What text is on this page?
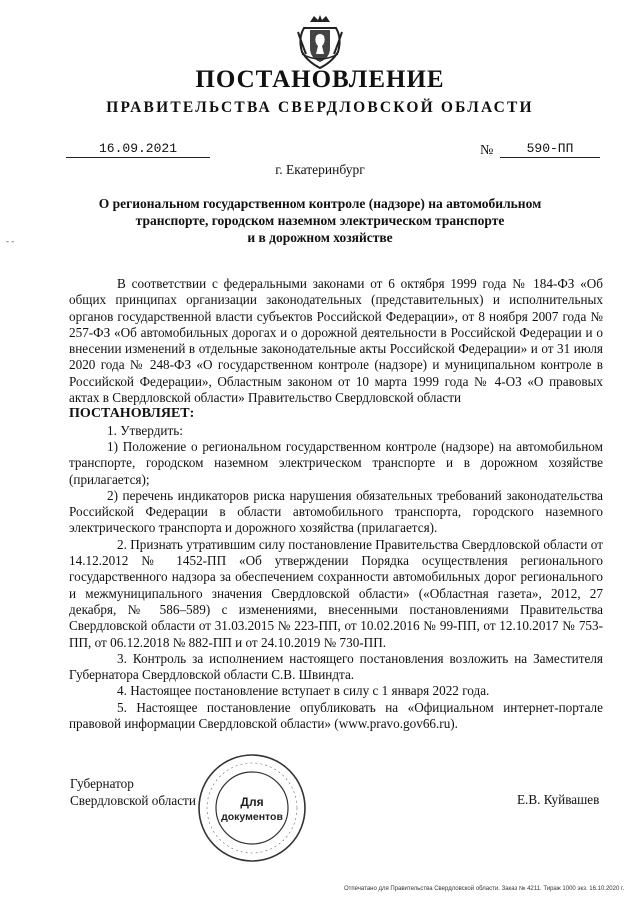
ПОСТАНОВЛЕНИЕ
ПРАВИТЕЛЬСТВА СВЕРДЛОВСКОЙ ОБЛАСТИ
16.09.2021	№	590-ПП
г. Екатеринбург
О региональном государственном контроле (надзоре) на автомобильном
транспорте, городском наземном электрическом транспорте
и в дорожном хозяйстве
- -

В соответствии с федеральными законами от 6 октября 1999 года № 184-ФЗ «Об общих принципах организации законодательных (представительных) и исполнительных органов государственной власти субъектов Российской Федерации», от 8 ноября 2007 года № 257-ФЗ «Об автомобильных дорогах и о дорожной деятельности в Российской Федерации и о внесении изменений в отдельные законодательные акты Российской Федерации» и от 31 июля 2020 года № 248-ФЗ «О государственном контроле (надзоре) и муниципальном контроле в Российской Федерации», Областным законом от 10 марта 1999 года № 4-ОЗ «О правовых актах в Свердловской области» Правительство Свердловской области

ПОСТАНОВЛЯЕТ:

1. Утвердить:

1) Положение о региональном государственном контроле (надзоре) на автомобильном транспорте, городском наземном электрическом транспорте и в дорожном хозяйстве (прилагается);

2) перечень индикаторов риска нарушения обязательных требований законодательства Российской Федерации в области автомобильного транспорта, городского наземного электрического транспорта и дорожного хозяйства (прилагается).

2. Признать утратившим силу постановление Правительства Свердловской области от 14.12.2012 № 1452-ПП «Об утверждении Порядка осуществления регионального государственного надзора за обеспечением сохранности автомобильных дорог регионального и межмуниципального значения Свердловской области» («Областная газета», 2012, 27 декабря, № 586–589) с изменениями, внесенными постановлениями Правительства Свердловской области от 31.03.2015 № 223-ПП, от 10.02.2016 № 99-ПП, от 12.10.2017 № 753-ПП, от 06.12.2018 № 882-ПП и от 24.10.2019 № 730-ПП.

3. Контроль за исполнением настоящего постановления возложить на Заместителя Губернатора Свердловской области С.В. Швиндта.

4. Настоящее постановление вступает в силу с 1 января 2022 года.

5. Настоящее постановление опубликовать на «Официальном интернет-портале правовой информации Свердловской области» (www.pravo.gov66.ru).

Губернатор
Свердловской области	Е.В. Куйвашев
Для
документов
Отпечатано для Правительства Свердловской области. Заказ № 4211. Тираж 1000 экз. 16.10.2020 г.
